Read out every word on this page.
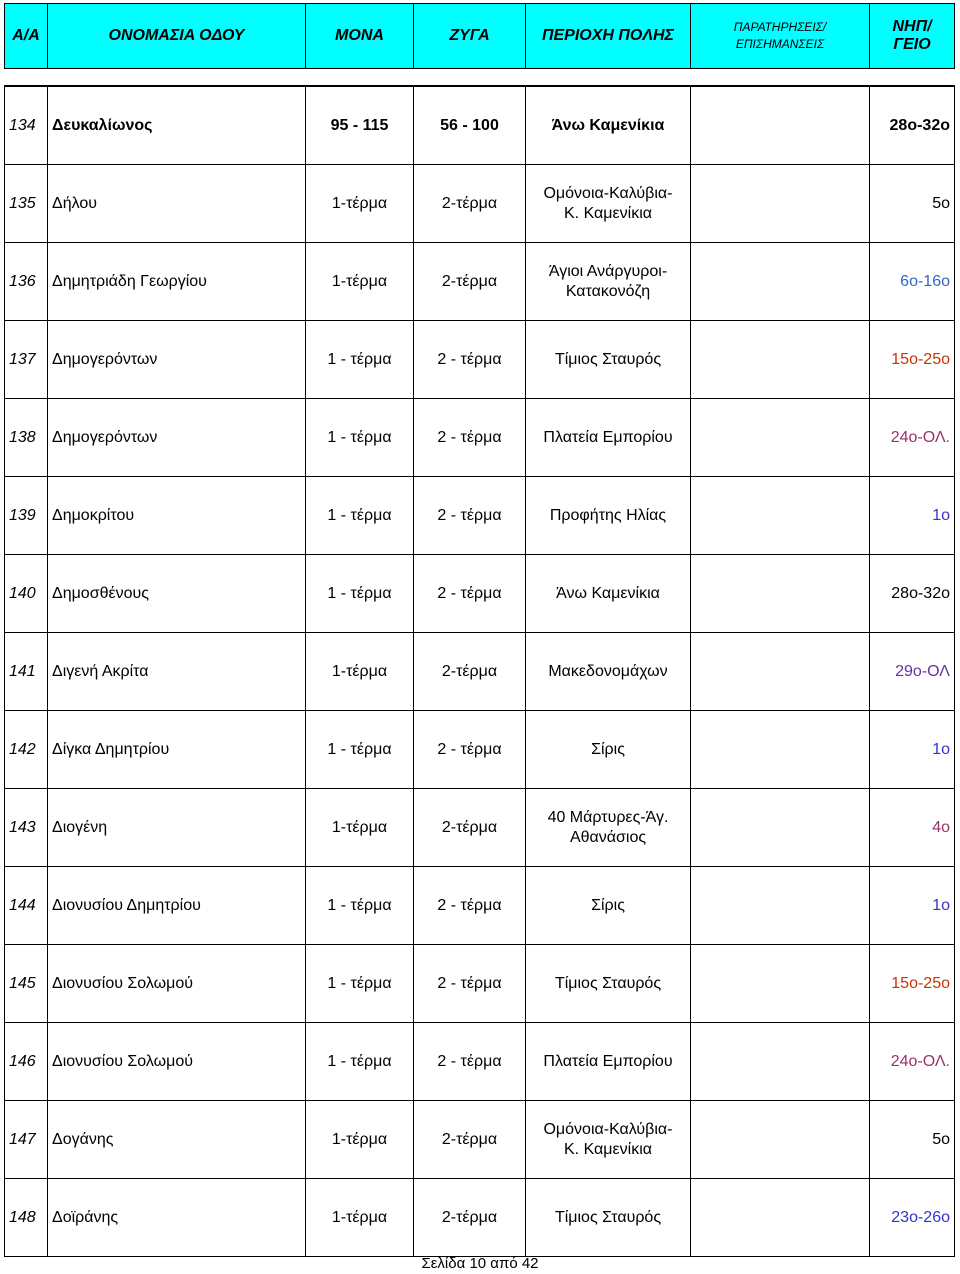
Α/Α	ΟΝΟΜΑΣΙΑ ΟΔΟΥ	ΜΟΝΑ	ΖΥΓΑ	ΠΕΡΙΟΧΗ ΠΟΛΗΣ	ΠΑΡΑΤΗΡΗΣΕΙΣ/ ΕΠΙΣΗΜΑΝΣΕΙΣ	ΝΗΠ/ΓΕΙΟ

134	Δευκαλίωνος	95 - 115	56 - 100	Άνω Καμενίκια		28ο-32ο
135	Δήλου	1-τέρμα	2-τέρμα	Ομόνοια-Καλύβια-
Κ. Καμενίκια		5ο
136	Δημητριάδη Γεωργίου	1-τέρμα	2-τέρμα	Άγιοι Ανάργυροι-
Κατακονόζη		6ο-16ο
137	Δημογερόντων	1 - τέρμα	2 - τέρμα	Τίμιος Σταυρός		15ο-25ο
138	Δημογερόντων	1 - τέρμα	2 - τέρμα	Πλατεία Εμπορίου		24ο-ΟΛ.
139	Δημοκρίτου	1 - τέρμα	2 - τέρμα	Προφήτης Ηλίας		1ο
140	Δημοσθένους	1 - τέρμα	2 - τέρμα	Άνω Καμενίκια		28ο-32ο
141	Διγενή Ακρίτα	1-τέρμα	2-τέρμα	Μακεδονομάχων		29ο-ΟΛ
142	Δίγκα Δημητρίου	1 - τέρμα	2 - τέρμα	Σίρις		1ο
143	Διογένη	1-τέρμα	2-τέρμα	40 Μάρτυρες-Άγ.
Αθανάσιος		4ο
144	Διονυσίου Δημητρίου	1 - τέρμα	2 - τέρμα	Σίρις		1ο
145	Διονυσίου Σολωμού	1 - τέρμα	2 - τέρμα	Τίμιος Σταυρός		15ο-25ο
146	Διονυσίου Σολωμού	1 - τέρμα	2 - τέρμα	Πλατεία Εμπορίου		24ο-ΟΛ.
147	Δογάνης	1-τέρμα	2-τέρμα	Ομόνοια-Καλύβια-
Κ. Καμενίκια		5ο
148	Δοϊράνης	1-τέρμα	2-τέρμα	Τίμιος Σταυρός		23ο-26ο
Σελίδα 10 από 42
